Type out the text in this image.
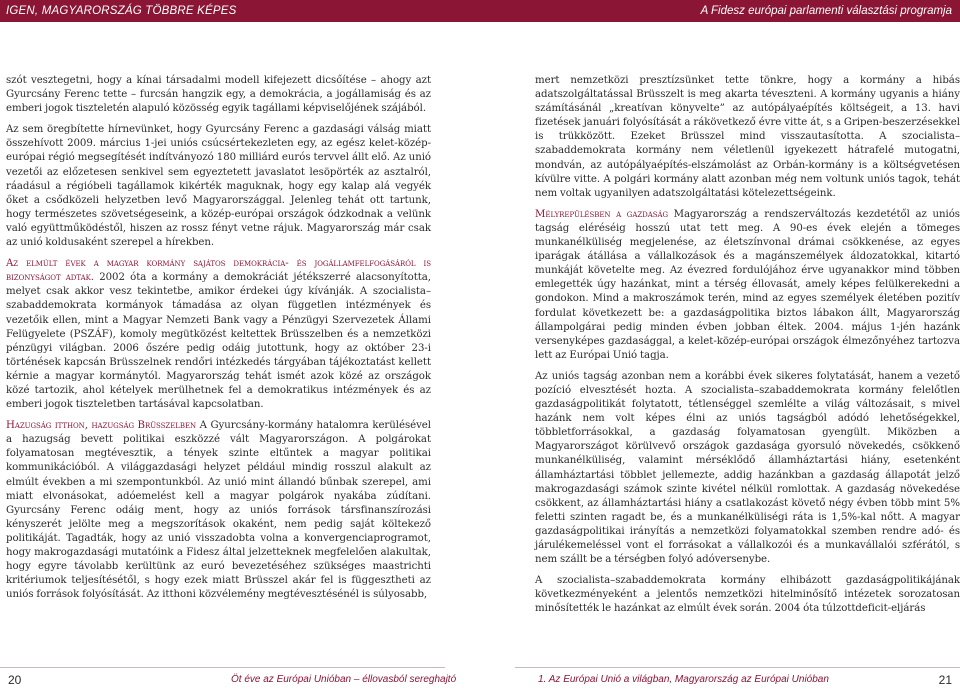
IGEN, MAGYARORSZÁG TÖBBRE KÉPES	A Fidesz európai parlamenti választási programja

szót vesztegetni, hogy a kínai társadalmi modell kifejezett dicsőítése – ahogy azt Gyurcsány Ferenc tette – furcsán hangzik egy, a demokrácia, a jogállamiság és az emberi jogok tiszteletén alapuló közösség egyik tagállami képviselőjének szájából.

Az sem öregbítette hírnevünket, hogy Gyurcsány Ferenc a gazdasági válság miatt összehívott 2009. március 1-jei uniós csúcsértekezleten egy, az egész kelet-közép-európai régió megsegítését indítványozó 180 milliárd eurós tervvel állt elő. Az unió vezetői az előzetesen senkivel sem egyeztetett javaslatot lesöpörték az asztalról, ráadásul a régióbeli tagállamok kikérték maguknak, hogy egy kalap alá vegyék őket a csődközeli helyzetben levő Magyarországgal. Jelenleg tehát ott tartunk, hogy természetes szövetségeseink, a közép-európai országok ódzkodnak a velünk való együttműködéstől, hiszen az rossz fényt vetne rájuk. Magyarország már csak az unió koldusaként szerepel a hírekben.

Az elmúlt évek a magyar kormány sajátos demokrácia- és jogállamfelfogásáról is bizonyságot adtak. 2002 óta a kormány a demokráciát jétékszerré alacsonyította, melyet csak akkor vesz tekintetbe, amikor érdekei úgy kívánják. A szocialista–szabaddemokrata kormányok támadása az olyan független intézmények és vezetőik ellen, mint a Magyar Nemzeti Bank vagy a Pénzügyi Szervezetek Állami Felügyelete (PSZÁF), komoly megütközést keltettek Brüsszelben és a nemzetközi pénzügyi világban. 2006 őszére pedig odáig jutottunk, hogy az október 23-i történések kapcsán Brüsszelnek rendőri intézkedés tárgyában tájékoztatást kellett kérnie a magyar kormánytól. Magyarország tehát ismét azok közé az országok közé tartozik, ahol kételyek merülhetnek fel a demokratikus intézmények és az emberi jogok tiszteletben tartásával kapcsolatban.

Hazugság itthon, hazugság Brüsszelben A Gyurcsány-kormány hatalomra kerülésével a hazugság bevett politikai eszközzé vált Magyarországon. A polgárokat folyamatosan megtévesztik, a tények szinte eltűntek a magyar politikai kommunikációból. A világgazdasági helyzet például mindig rosszul alakult az elmúlt években a mi szempontunkból. Az unió mint állandó bűnbak szerepel, ami miatt elvonásokat, adóemelést kell a magyar polgárok nyakába zúdítani. Gyurcsány Ferenc odáig ment, hogy az uniós források társfinanszírozási kényszerét jelölte meg a megszorítások okaként, nem pedig saját költekező politikáját. Tagadták, hogy az unió visszadobta volna a konvergenciaprogramot, hogy makrogazdasági mutatóink a Fidesz által jelzetteknek megfelelően alakultak, hogy egyre távolabb kerültünk az euró bevezetéséhez szükséges maastrichti kritériumok teljesítésétől, s hogy ezek miatt Brüsszel akár fel is függesztheti az uniós források folyósítását. Az itthoni közvélemény megtévesztésénél is súlyosabb,

mert nemzetközi presztízsünket tette tönkre, hogy a kormány a hibás adatszolgáltatással Brüsszelt is meg akarta téveszteni. A kormány ugyanis a hiány számításánál „kreatívan könyvelte” az autópályaépítés költségeit, a 13. havi fizetések januári folyósítását a rákövetkező évre vitte át, s a Gripen-beszerzésekkel is trükközött. Ezeket Brüsszel mind visszautasította. A szocialista–szabaddemokrata kormány nem véletlenül igyekezett hátrafelé mutogatni, mondván, az autópályaépítés-elszámolást az Orbán-kormány is a költségvetésen kívülre vitte. A polgári kormány alatt azonban még nem voltunk uniós tagok, tehát nem voltak ugyanilyen adatszolgáltatási kötelezettségeink.

Mélyrepülésben a gazdaság Magyarország a rendszerváltozás kezdetétől az uniós tagság eléréséig hosszú utat tett meg. A 90-es évek elején a tömeges munkanélküliség megjelenése, az életszínvonal drámai csökkenése, az egyes iparágak átállása a vállalkozások és a magánszemélyek áldozatokkal, kitartó munkáját követelte meg. Az évezred fordulójához érve ugyanakkor mind többen emlegették úgy hazánkat, mint a térség éllovasát, amely képes felülkerekedni a gondokon. Mind a makroszámok terén, mind az egyes személyek életében pozitív fordulat következett be: a gazdaságpolitika biztos lábakon állt, Magyarország állampolgárai pedig minden évben jobban éltek. 2004. május 1-jén hazánk versenyképes gazdasággal, a kelet-közép-európai országok élmezőnyéhez tartozva lett az Európai Unió tagja.

Az uniós tagság azonban nem a korábbi évek sikeres folytatását, hanem a vezető pozíció elvesztését hozta. A szocialista–szabaddemokrata kormány felelőtlen gazdaságpolitikát folytatott, tétlenséggel szemlélte a világ változásait, s mivel hazánk nem volt képes élni az uniós tagságból adódó lehetőségekkel, többletforrásokkal, a gazdaság folyamatosan gyengült. Miközben a Magyarországot körülvevő országok gazdasága gyorsuló növekedés, csökkenő munkanélküliség, valamint mérséklődő államháztartási hiány, esetenként államháztartási többlet jellemezte, addig hazánkban a gazdaság állapotát jelző makrogazdasági számok szinte kivétel nélkül romlottak. A gazdaság növekedése csökkent, az államháztartási hiány a csatlakozást követő négy évben több mint 5% feletti szinten ragadt be, és a munkanélküliségi ráta is 1,5%-kal nőtt. A magyar gazdaságpolitikai irányítás a nemzetközi folyamatokkal szemben rendre adó- és járulékemeléssel vont el forrásokat a vállalkozói és a munkavállalói szférától, s nem szállt be a térségben folyó adóversenybe.

A szocialista–szabaddemokrata kormány elhibázott gazdaságpolitikájának következményeként a jelentős nemzetközi hitelminősítő intézetek sorozatosan minősítették le hazánkat az elmúlt évek során. 2004 óta túlzottdeficit-eljárás

20	Öt éve az Európai Unióban – éllovasból sereghajtó	1. Az Európai Unió a világban, Magyarország az Európai Unióban	21
